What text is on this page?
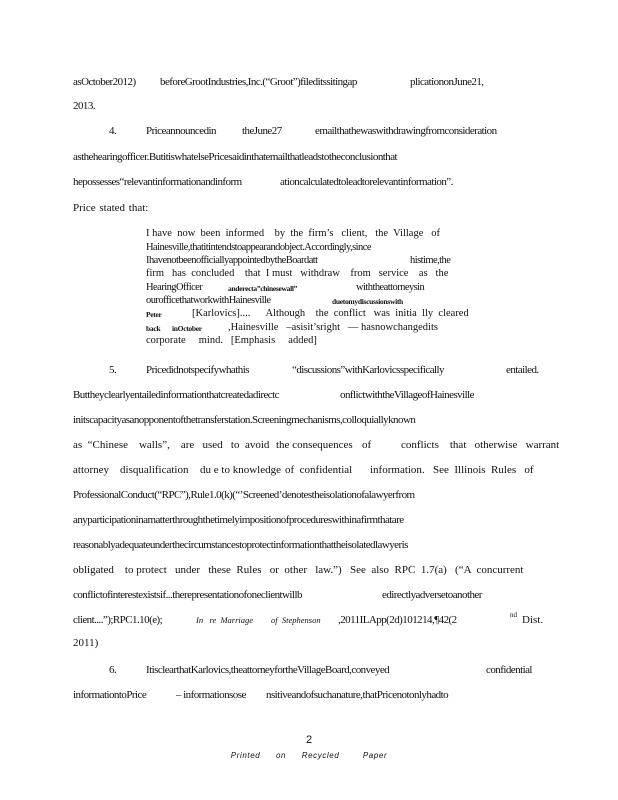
asOctober2012) beforeGrootIndustries,Inc.(“Groot”)fileditssitingap	plicationonJune21,
2013.
4.	Priceannouncedin theJune27	emailthathewaswithdrawingfromconsideration
asthehearingofficer.ButitiswhatelsePricesaidinthatemailthatleadstotheconclusionthat
hepossesses“relevantinformationandinform	ationcalculatedtoleadtorelevantinformation”.
Price stated that:
I have  now  been  informed    by  the  firm’s   client,   the  Village   of
Hainesville,thatitintendstoappearandobject.Accordingly,since
IhavenotbeenofficiallyappointedbytheBoardatt	histime,the
firm   has  concluded    that  I must   withdraw    from   service    as   the
HearingOfficer	anderecta”chinesewall”	withtheattorneysin
ourofficethatworkwithHainesville	duetomydiscussionswith
Peter	[Karlovics]....      Although    the  conflict   was  initia  lly  cleared
back inOctober ,Hainesville   –asisit’sright   — hasnowchangedits
corporate     mind.   [Emphasis     added]
5.	Pricedidnotspecifywhathis	“discussions”withKarlovicsspecifically	entailed.
Buttheyclearlyentailedinformationthatcreatedadirectc	onflictwiththeVillageofHainesville
initscapacityasanopponentofthetransferstation.Screeningmechanisms,colloquiallyknown
as  “Chinese    walls”,    are   used   to  avoid the consequences of	conflicts    that   otherwise   warrant
attorney    disqualification du e to knowledge of  confidential information .   See  Illinois  Rules   of
ProfessionalConduct(“RPC”),Rule1.0(k)(“’Screened’denotestheisolationofalawyerfrom
anyparticipationinamatterthroughthetimelyimpositionofprocedureswithinafirmthatare
reasonablyadequateunderthecircumstancestoprotectinformationthattheisolatedlawyeris
obligated    to protect   under   these  Rules   or  other   law.”)   See  also  RPC  1.7(a)   (“A  concurrent
conflictofinterestexistsif...therepresentationofoneclientwillb	edirectlyadversetoanother
client....”);RPC1.10(e);	In   re  Marriage of  Stephenson ,2011ILApp(2d)101214,¶42(2	nd Dist.
2011)
6.	ItisclearthatKarlovics,theattorneyfortheVillageBoard,conveyed	confidential
informationtoPrice	– informationsose nsitiveandofsuchanature,thatPricenotonlyhadto
2
Printed  on  Recycled   Paper
